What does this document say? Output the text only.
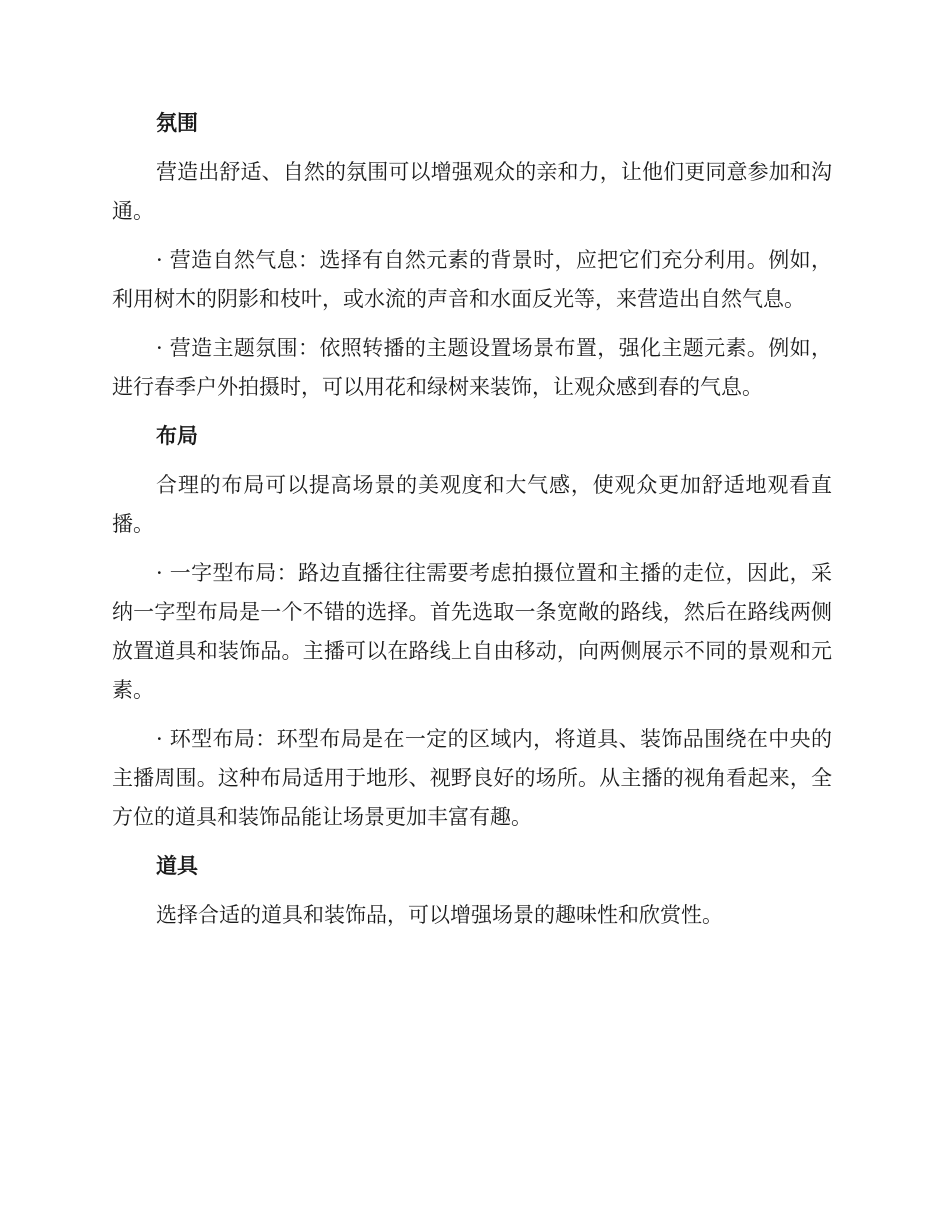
氛围

营造出舒适、自然的氛围可以增强观众的亲和力，让他们更同意参加和沟通。

· 营造自然气息：选择有自然元素的背景时，应把它们充分利用。例如，利用树木的阴影和枝叶，或水流的声音和水面反光等，来营造出自然气息。

· 营造主题氛围：依照转播的主题设置场景布置，强化主题元素。例如，进行春季户外拍摄时，可以用花和绿树来装饰，让观众感到春的气息。

布局

合理的布局可以提高场景的美观度和大气感，使观众更加舒适地观看直播。

· 一字型布局：路边直播往往需要考虑拍摄位置和主播的走位，因此，采纳一字型布局是一个不错的选择。首先选取一条宽敞的路线，然后在路线两侧放置道具和装饰品。主播可以在路线上自由移动，向两侧展示不同的景观和元素。

· 环型布局：环型布局是在一定的区域内，将道具、装饰品围绕在中央的主播周围。这种布局适用于地形、视野良好的场所。从主播的视角看起来，全方位的道具和装饰品能让场景更加丰富有趣。

道具

选择合适的道具和装饰品，可以增强场景的趣味性和欣赏性。
